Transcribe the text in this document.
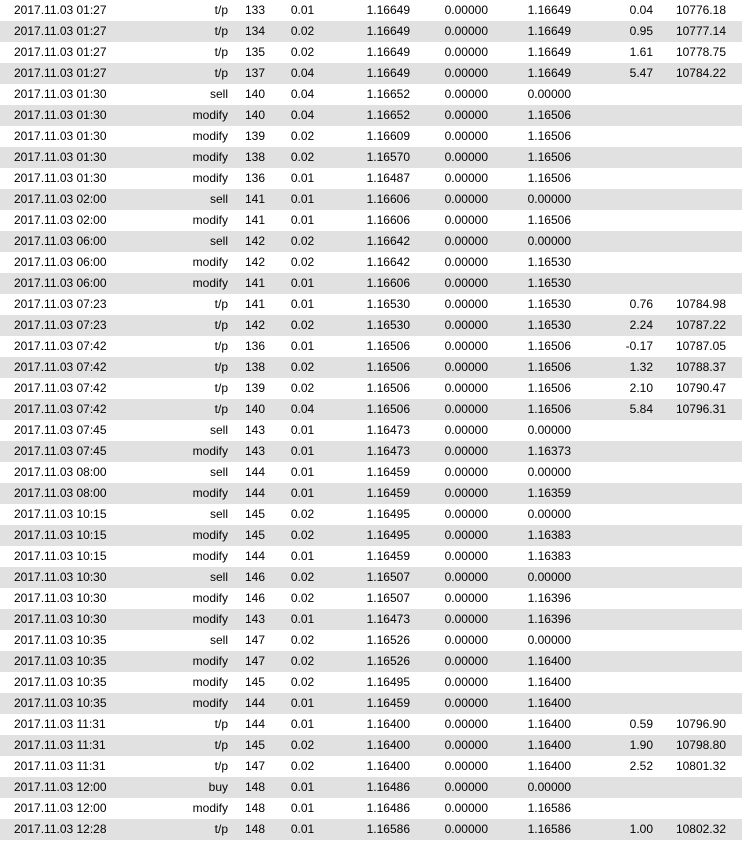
2017.11.03 01:27	t/p	133	0.01	1.16649	0.00000	1.16649	0.04	10776.18
2017.11.03 01:27	t/p	134	0.02	1.16649	0.00000	1.16649	0.95	10777.14
2017.11.03 01:27	t/p	135	0.02	1.16649	0.00000	1.16649	1.61	10778.75
2017.11.03 01:27	t/p	137	0.04	1.16649	0.00000	1.16649	5.47	10784.22
2017.11.03 01:30	sell	140	0.04	1.16652	0.00000	0.00000
2017.11.03 01:30	modify	140	0.04	1.16652	0.00000	1.16506
2017.11.03 01:30	modify	139	0.02	1.16609	0.00000	1.16506
2017.11.03 01:30	modify	138	0.02	1.16570	0.00000	1.16506
2017.11.03 01:30	modify	136	0.01	1.16487	0.00000	1.16506
2017.11.03 02:00	sell	141	0.01	1.16606	0.00000	0.00000
2017.11.03 02:00	modify	141	0.01	1.16606	0.00000	1.16506
2017.11.03 06:00	sell	142	0.02	1.16642	0.00000	0.00000
2017.11.03 06:00	modify	142	0.02	1.16642	0.00000	1.16530
2017.11.03 06:00	modify	141	0.01	1.16606	0.00000	1.16530
2017.11.03 07:23	t/p	141	0.01	1.16530	0.00000	1.16530	0.76	10784.98
2017.11.03 07:23	t/p	142	0.02	1.16530	0.00000	1.16530	2.24	10787.22
2017.11.03 07:42	t/p	136	0.01	1.16506	0.00000	1.16506	-0.17	10787.05
2017.11.03 07:42	t/p	138	0.02	1.16506	0.00000	1.16506	1.32	10788.37
2017.11.03 07:42	t/p	139	0.02	1.16506	0.00000	1.16506	2.10	10790.47
2017.11.03 07:42	t/p	140	0.04	1.16506	0.00000	1.16506	5.84	10796.31
2017.11.03 07:45	sell	143	0.01	1.16473	0.00000	0.00000
2017.11.03 07:45	modify	143	0.01	1.16473	0.00000	1.16373
2017.11.03 08:00	sell	144	0.01	1.16459	0.00000	0.00000
2017.11.03 08:00	modify	144	0.01	1.16459	0.00000	1.16359
2017.11.03 10:15	sell	145	0.02	1.16495	0.00000	0.00000
2017.11.03 10:15	modify	145	0.02	1.16495	0.00000	1.16383
2017.11.03 10:15	modify	144	0.01	1.16459	0.00000	1.16383
2017.11.03 10:30	sell	146	0.02	1.16507	0.00000	0.00000
2017.11.03 10:30	modify	146	0.02	1.16507	0.00000	1.16396
2017.11.03 10:30	modify	143	0.01	1.16473	0.00000	1.16396
2017.11.03 10:35	sell	147	0.02	1.16526	0.00000	0.00000
2017.11.03 10:35	modify	147	0.02	1.16526	0.00000	1.16400
2017.11.03 10:35	modify	145	0.02	1.16495	0.00000	1.16400
2017.11.03 10:35	modify	144	0.01	1.16459	0.00000	1.16400
2017.11.03 11:31	t/p	144	0.01	1.16400	0.00000	1.16400	0.59	10796.90
2017.11.03 11:31	t/p	145	0.02	1.16400	0.00000	1.16400	1.90	10798.80
2017.11.03 11:31	t/p	147	0.02	1.16400	0.00000	1.16400	2.52	10801.32
2017.11.03 12:00	buy	148	0.01	1.16486	0.00000	0.00000
2017.11.03 12:00	modify	148	0.01	1.16486	0.00000	1.16586
2017.11.03 12:28	t/p	148	0.01	1.16586	0.00000	1.16586	1.00	10802.32
